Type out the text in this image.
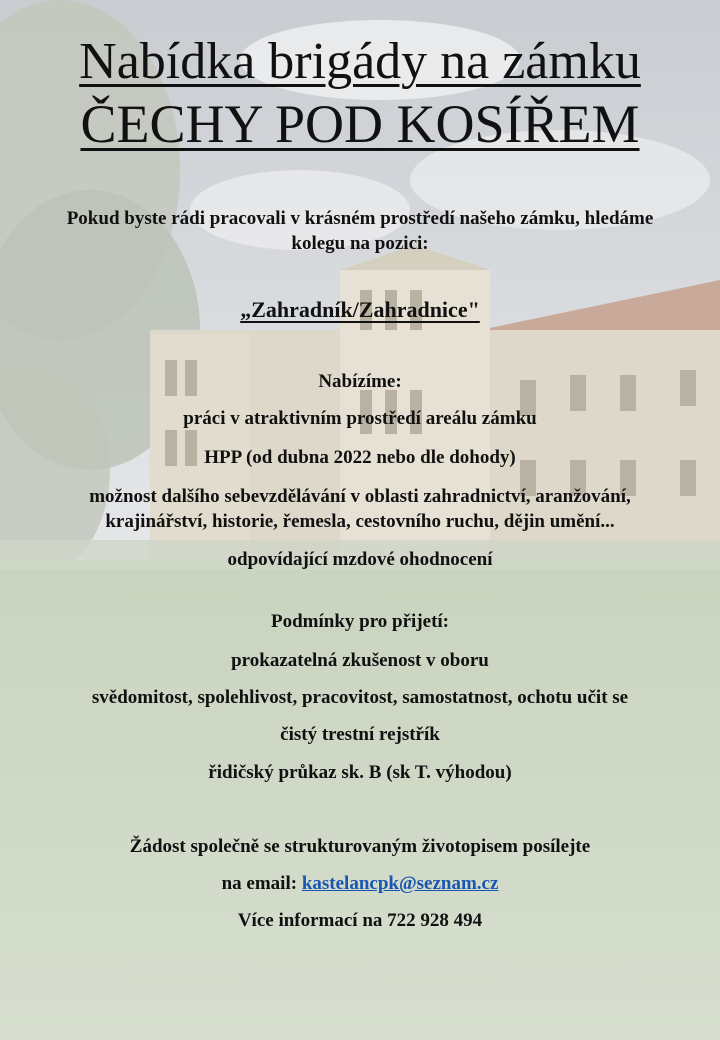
Nabídka brigády na zámku
ČECHY POD KOSÍŘEM

Pokud byste rádi pracovali v krásném prostředí našeho zámku, hledáme

kolegu na pozici:

„Zahradník/Zahradnice"

Nabízíme:

práci v atraktivním prostředí areálu zámku

HPP (od dubna 2022 nebo dle dohody)

možnost dalšího sebevzdělávání v oblasti zahradnictví, aranžování,

krajinářství, historie, řemesla, cestovního ruchu, dějin umění...

odpovídající mzdové ohodnocení

Podmínky pro přijetí:

prokazatelná zkušenost v oboru

svědomitost, spolehlivost, pracovitost, samostatnost, ochotu učit se

čistý trestní rejstřík

řidičský průkaz sk. B (sk T. výhodou)

Žádost společně se strukturovaným životopisem posílejte

na email: kastelancpk@seznam.cz

Více informací na 722 928 494
